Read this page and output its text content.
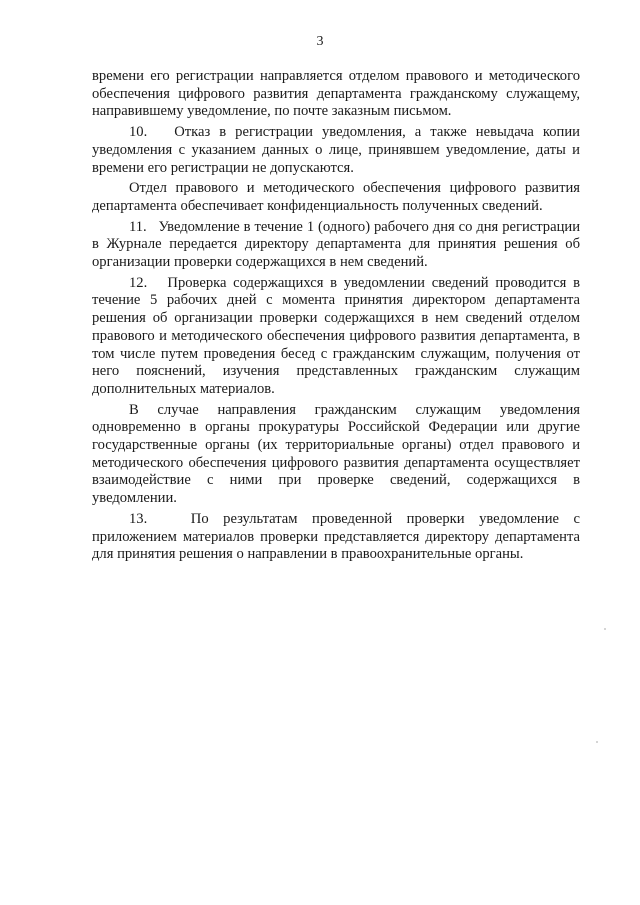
3

времени его регистрации направляется отделом правового и методического обеспечения цифрового развития департамента гражданскому служащему, направившему уведомление, по почте заказным письмом.

10.   Отказ в регистрации уведомления, а также невыдача копии уведомления с указанием данных о лице, принявшем уведомление, даты и времени его регистрации не допускаются.

Отдел правового и методического обеспечения цифрового развития департамента обеспечивает конфиденциальность полученных сведений.

11.   Уведомление в течение 1 (одного) рабочего дня со дня регистрации в Журнале передается директору департамента для принятия решения об организации проверки содержащихся в нем сведений.

12.   Проверка содержащихся в уведомлении сведений проводится в течение 5 рабочих дней с момента принятия директором департамента решения об организации проверки содержащихся в нем сведений отделом правового и методического обеспечения цифрового развития департамента, в том числе путем проведения бесед с гражданским служащим, получения от него пояснений, изучения представленных гражданским служащим дополнительных материалов.

В случае направления гражданским служащим уведомления одновременно в органы прокуратуры Российской Федерации или другие государственные органы (их территориальные органы) отдел правового и методического обеспечения цифрового развития департамента осуществляет взаимодействие с ними при проверке сведений, содержащихся в уведомлении.

13.   По результатам проведенной проверки уведомление с приложением материалов проверки представляется директору департамента для принятия решения о направлении в правоохранительные органы.
